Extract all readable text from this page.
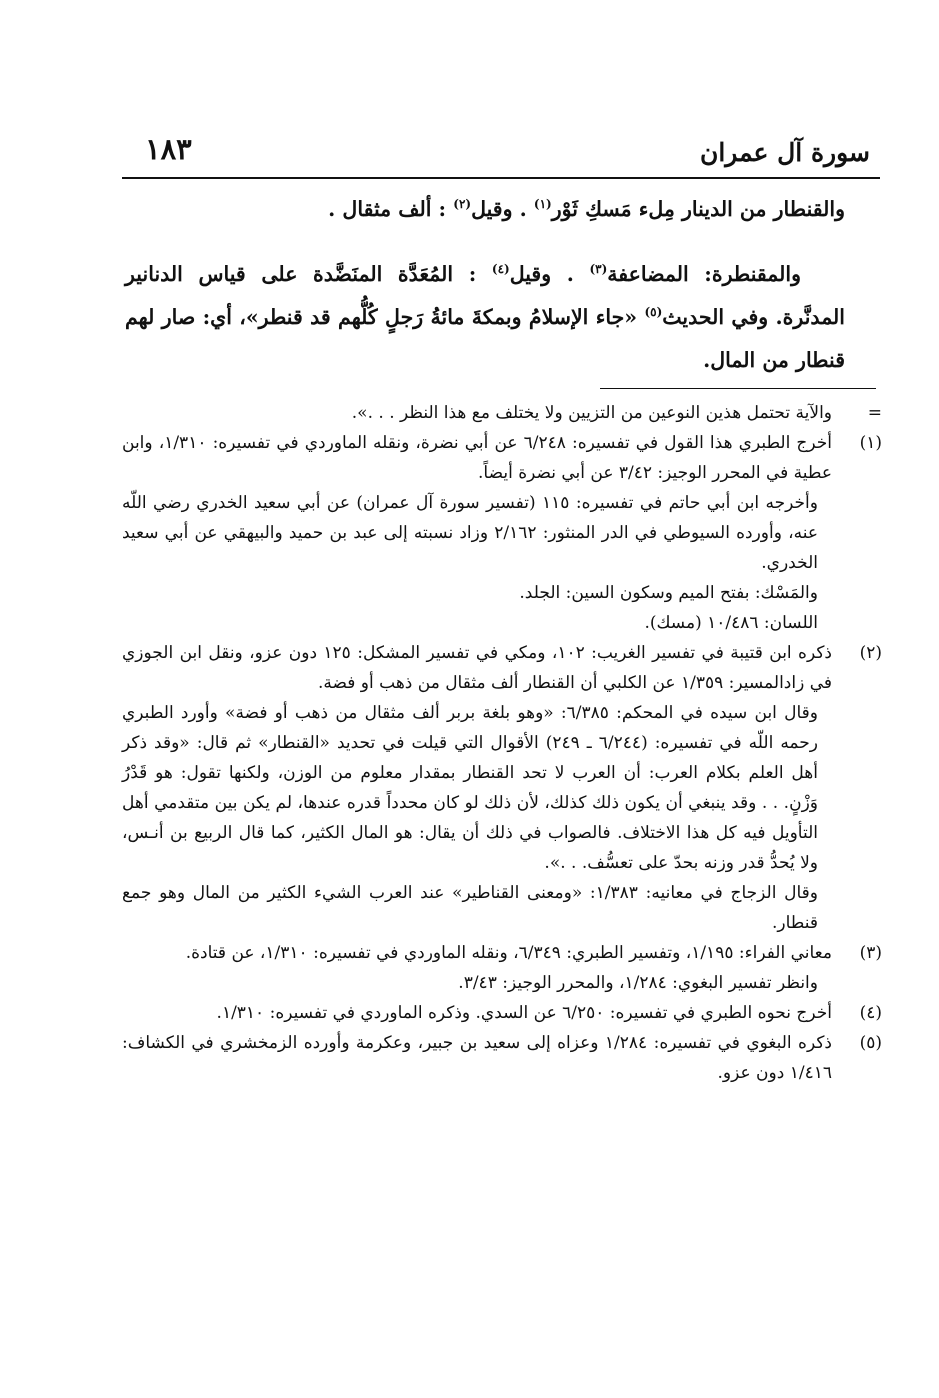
سورة آل عمران
١٨٣

والقنطار من الدينار مِلء مَسكِ ثَوْر$^{(١)}$ . وقيل$^{(٢)}$ : ألف مثقال .

والمقنطرة: المضاعفة$^{(٣)}$ . وقيل$^{(٤)}$ : المُعَدَّة المنَضَّدة على قياس الدنانير المدنَّرة. وفي الحديث$^{(٥)}$ «جاء الإسلامُ وبمكةَ مائةُ رَجلٍ كُلُّهم قد قنطر»، أي: صار لهم قنطار من المال.

=
والآية تحتمل هذين النوعين من التزيين ولا يختلف مع هذا النظر . . .».
(١)
أخرج الطبري هذا القول في تفسيره: ٦/٢٤٨ عن أبي نضرة، ونقله الماوردي في تفسيره: ١/٣١٠، وابن عطية في المحرر الوجيز: ٣/٤٢ عن أبي نضرة أيضاً.
وأخرجه ابن أبي حاتم في تفسيره: ١١٥ (تفسير سورة آل عمران) عن أبي سعيد الخدري رضي اللّه عنه، وأورده السيوطي في الدر المنثور: ٢/١٦٢ وزاد نسبته إلى عبد بن حميد والبيهقي عن أبي سعيد الخدري.
والمَسْك: بفتح الميم وسكون السين: الجلد.
اللسان: ١٠/٤٨٦ (مسك).
(٢)
ذكره ابن قتيبة في تفسير الغريب: ١٠٢، ومكي في تفسير المشكل: ١٢٥ دون عزو، ونقل ابن الجوزي في زادالمسير: ١/٣٥٩ عن الكلبي أن القنطار ألف مثقال من ذهب أو فضة.
وقال ابن سيده في المحكم: ٦/٣٨٥: «وهو بلغة بربر ألف مثقال من ذهب أو فضة» وأورد الطبري رحمه اللّه في تفسيره: (٦/٢٤٤ ـ ٢٤٩) الأقوال التي قيلت في تحديد «القنطار» ثم قال: «وقد ذكر أهل العلم بكلام العرب: أن العرب لا تحد القنطار بمقدار معلوم من الوزن، ولكنها تقول: هو قَدْرُ وَزْنٍ. . . وقد ينبغي أن يكون ذلك كذلك، لأن ذلك لو كان محدداً قدره عندها، لم يكن بين متقدمي أهل التأويل فيه كل هذا الاختلاف. فالصواب في ذلك أن يقال: هو المال الكثير، كما قال الربيع بن أنـس، ولا يُحدُّ قدر وزنه بحدّ على تعسُّف. . .».
وقال الزجاج في معانيه: ١/٣٨٣: «ومعنى القناطير» عند العرب الشيء الكثير من المال وهو جمع قنطار.
(٣)
معاني الفراء: ١/١٩٥، وتفسير الطبري: ٦/٣٤٩، ونقله الماوردي في تفسيره: ١/٣١٠، عن قتادة.
وانظر تفسير البغوي: ١/٢٨٤، والمحرر الوجيز: ٣/٤٣.
(٤)
أخرج نحوه الطبري في تفسيره: ٦/٢٥٠ عن السدي. وذكره الماوردي في تفسيره: ١/٣١٠.
(٥)
ذكره البغوي في تفسيره: ١/٢٨٤ وعزاه إلى سعيد بن جبير، وعكرمة وأورده الزمخشري في الكشاف: ١/٤١٦ دون عزو.
